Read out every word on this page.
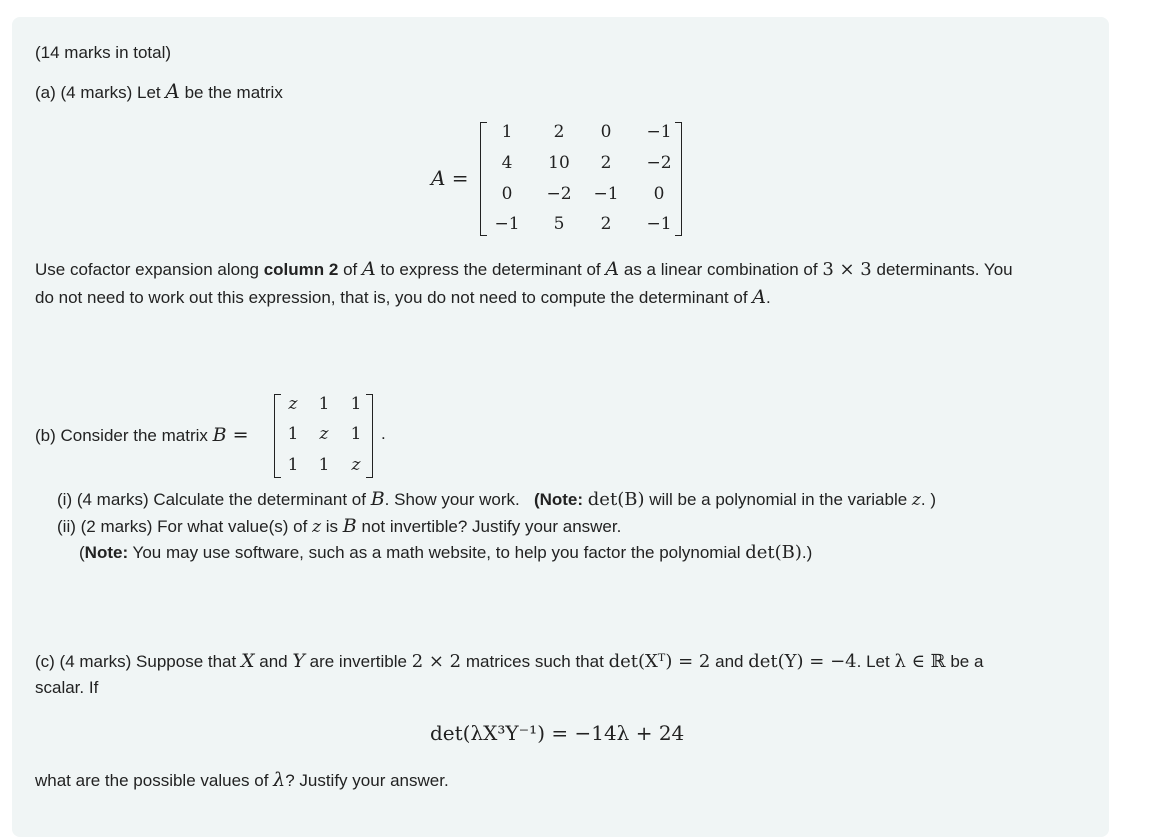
(14 marks in total)
(a) (4 marks) Let A be the matrix
A =
1 2 0 −1
4 10 2 −2
0 −2 −1 0
−1 5 2 −1
Use cofactor expansion along column 2 of A to express the determinant of A as a linear combination of 3 × 3 determinants. You
do not need to work out this expression, that is, you do not need to compute the determinant of A.
(b) Consider the matrix B =
z 1 1
1 z 1
1 1 z
.
(i) (4 marks) Calculate the determinant of B. Show your work. (Note: det(B) will be a polynomial in the variable z. )
(ii) (2 marks) For what value(s) of z is B not invertible? Justify your answer.
(Note: You may use software, such as a math website, to help you factor the polynomial det(B).)
(c) (4 marks) Suppose that X and Y are invertible 2 × 2 matrices such that det(Xᵀ) = 2 and det(Y) = −4. Let λ ∈ ℝ be a
scalar. If
det(λX³Y⁻¹) = −14λ + 24
what are the possible values of λ? Justify your answer.
